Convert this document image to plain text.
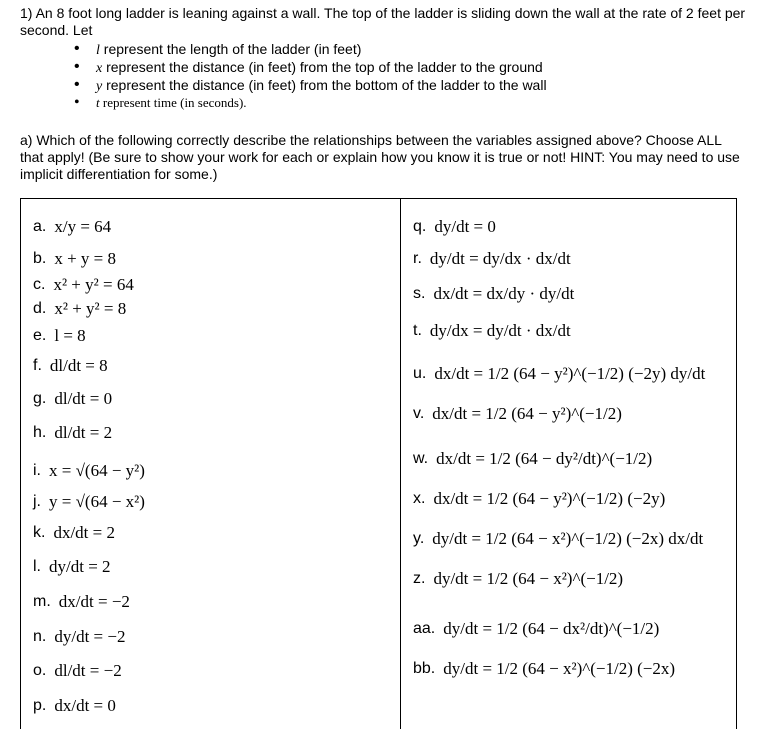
1) An 8 foot long ladder is leaning against a wall. The top of the ladder is sliding down the wall at the rate of 2 feet per second. Let
• l represent the length of the ladder (in feet)
• x represent the distance (in feet) from the top of the ladder to the ground
• y represent the distance (in feet) from the bottom of the ladder to the wall
• t represent time (in seconds).
a) Which of the following correctly describe the relationships between the variables assigned above? Choose ALL that apply! (Be sure to show your work for each or explain how you know it is true or not! HINT: You may need to use implicit differentiation for some.)
a. x/y = 64
b. x + y = 8
c. x² + y² = 64
d. x² + y² = 8
e. l = 8
f. dl/dt = 8
g. dl/dt = 0
h. dl/dt = 2
i. x = √(64 − y²)
j. y = √(64 − x²)
k. dx/dt = 2
l. dy/dt = 2
m. dx/dt = −2
n. dy/dt = −2
o. dl/dt = −2
p. dx/dt = 0
q. dy/dt = 0
r. dy/dt = dy/dx · dx/dt
s. dx/dt = dx/dy · dy/dt
t. dy/dx = dy/dt · dx/dt
u. dx/dt = 1/2 (64 − y²)^(−1/2) (−2y) dy/dt
v. dx/dt = 1/2 (64 − y²)^(−1/2)
w. dx/dt = 1/2 (64 − dy²/dt)^(−1/2)
x. dx/dt = 1/2 (64 − y²)^(−1/2) (−2y)
y. dy/dt = 1/2 (64 − x²)^(−1/2) (−2x) dx/dt
z. dy/dt = 1/2 (64 − x²)^(−1/2)
aa. dy/dt = 1/2 (64 − dx²/dt)^(−1/2)
bb. dy/dt = 1/2 (64 − x²)^(−1/2) (−2x)
